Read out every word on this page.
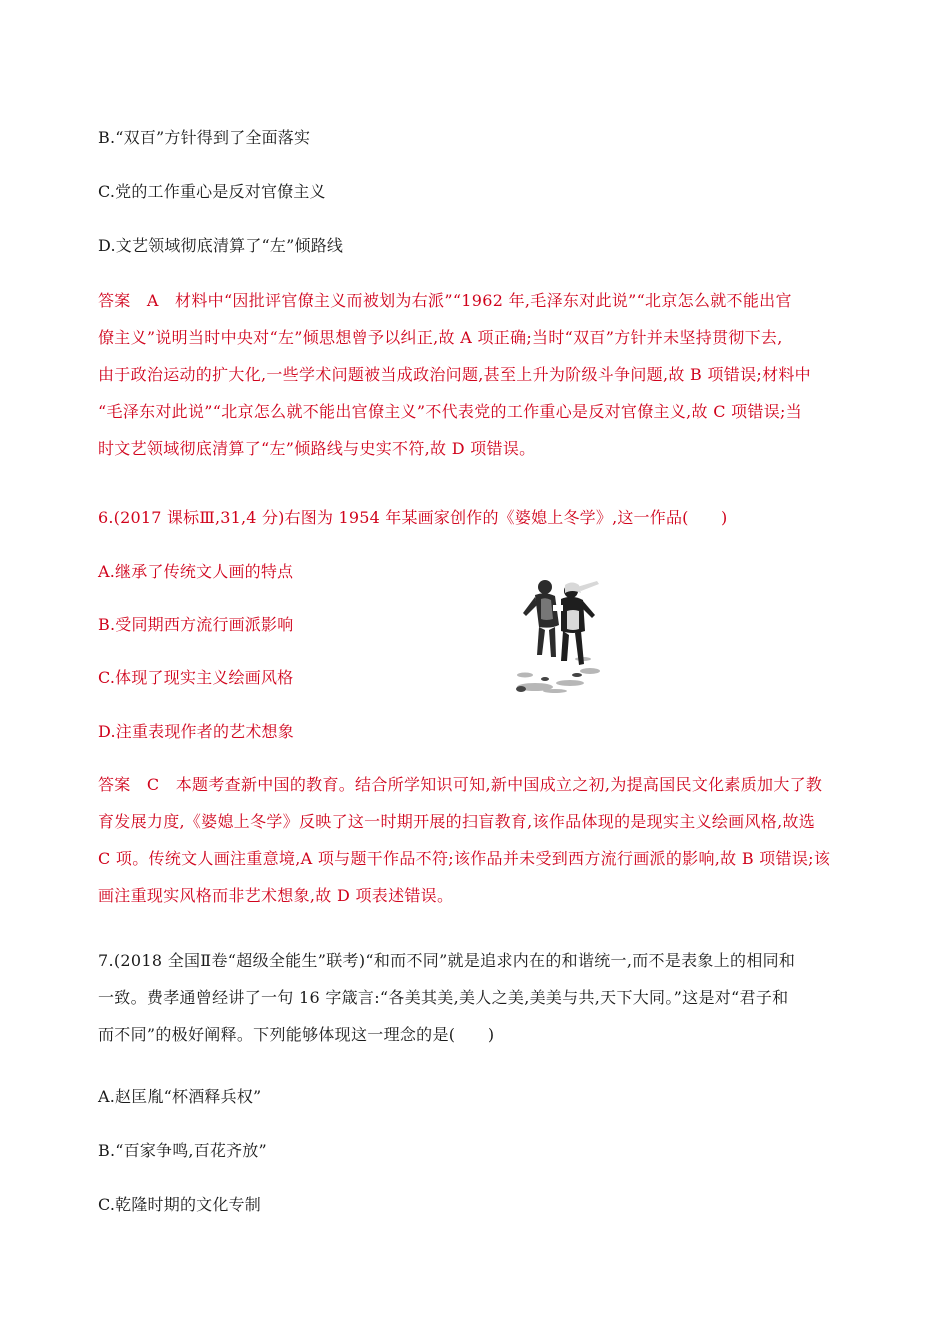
B.“双百”方针得到了全面落实
C.党的工作重心是反对官僚主义
D.文艺领域彻底清算了“左”倾路线
答案　A　材料中“因批评官僚主义而被划为右派”“1962 年,毛泽东对此说”“北京怎么就不能出官
僚主义”说明当时中央对“左”倾思想曾予以纠正,故 A 项正确;当时“双百”方针并未坚持贯彻下去,
由于政治运动的扩大化,一些学术问题被当成政治问题,甚至上升为阶级斗争问题,故 B 项错误;材料中
“毛泽东对此说”“北京怎么就不能出官僚主义”不代表党的工作重心是反对官僚主义,故 C 项错误;当
时文艺领域彻底清算了“左”倾路线与史实不符,故 D 项错误。
6.(2017 课标Ⅲ,31,4 分)右图为 1954 年某画家创作的《婆媳上冬学》,这一作品(　　)
A.继承了传统文人画的特点
B.受同期西方流行画派影响
C.体现了现实主义绘画风格
D.注重表现作者的艺术想象
答案　C　本题考查新中国的教育。结合所学知识可知,新中国成立之初,为提高国民文化素质加大了教
育发展力度,《婆媳上冬学》反映了这一时期开展的扫盲教育,该作品体现的是现实主义绘画风格,故选
C 项。传统文人画注重意境,A 项与题干作品不符;该作品并未受到西方流行画派的影响,故 B 项错误;该
画注重现实风格而非艺术想象,故 D 项表述错误。
7.(2018 全国Ⅱ卷“超级全能生”联考)“和而不同”就是追求内在的和谐统一,而不是表象上的相同和
一致。费孝通曾经讲了一句 16 字箴言:“各美其美,美人之美,美美与共,天下大同。”这是对“君子和
而不同”的极好阐释。下列能够体现这一理念的是(　　)
A.赵匡胤“杯酒释兵权”
B.“百家争鸣,百花齐放”
C.乾隆时期的文化专制
